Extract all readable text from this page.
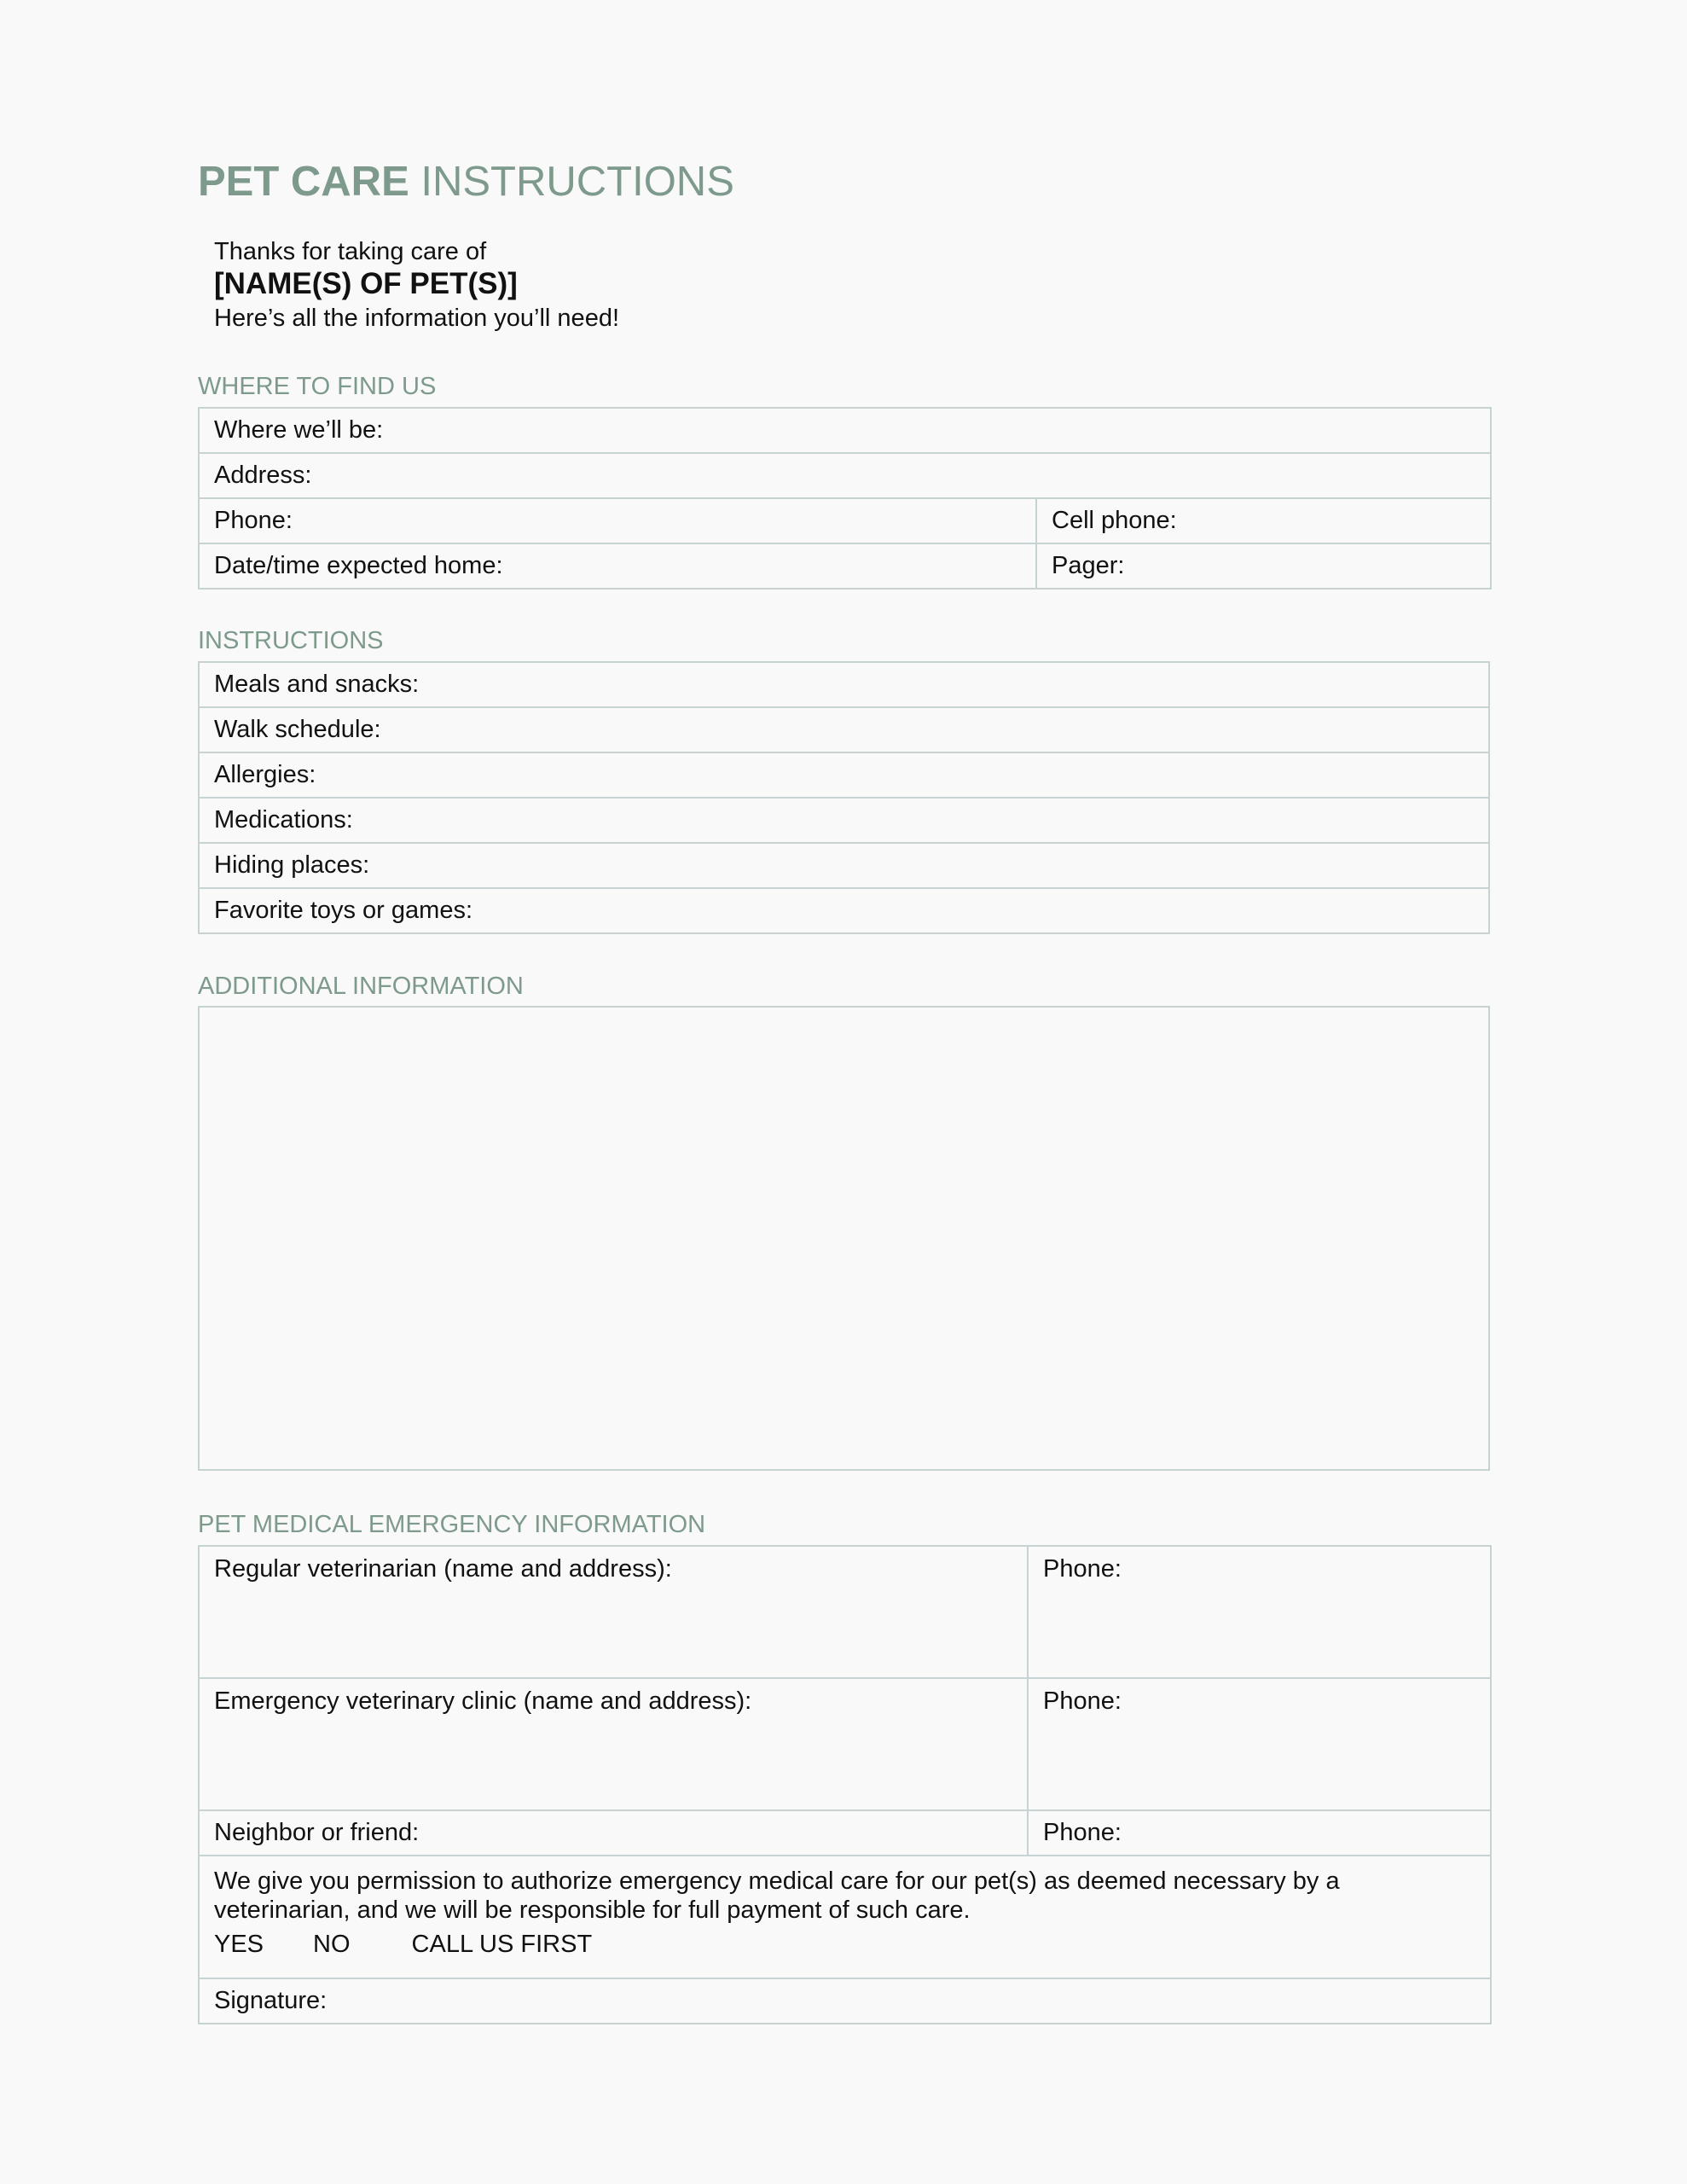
PET CARE INSTRUCTIONS
Thanks for taking care of
[NAME(S) OF PET(S)]
Here’s all the information you’ll need!
WHERE TO FIND US
Where we’ll be:
Address:
Phone:	Cell phone:
Date/time expected home:	Pager:
INSTRUCTIONS
Meals and snacks:
Walk schedule:
Allergies:
Medications:
Hiding places:
Favorite toys or games:
ADDITIONAL INFORMATION
PET MEDICAL EMERGENCY INFORMATION
Regular veterinarian (name and address):	Phone:
Emergency veterinary clinic (name and address):	Phone:
Neighbor or friend:	Phone:

We give you permission to authorize emergency medical care for our pet(s) as deemed necessary by a veterinarian, and we will be responsible for full payment of such care.
YES NO CALL US FIRST

Signature:
